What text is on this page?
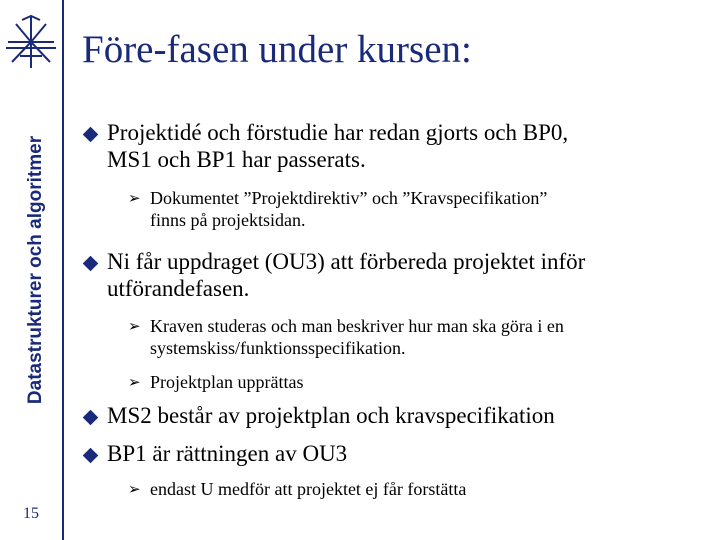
Datastrukturer och algoritmer
15
Före-fasen under kursen:
Projektidé och förstudie har redan gjorts och BP0,
MS1 och BP1 har passerats.
➢ Dokumentet ”Projektdirektiv” och ”Kravspecifikation”
finns på projektsidan.
Ni får uppdraget (OU3) att förbereda projektet inför
utförandefasen.
➢ Kraven studeras och man beskriver hur man ska göra i en
systemskiss/funktionsspecifikation.
➢ Projektplan upprättas
MS2 består av projektplan och kravspecifikation
BP1 är rättningen av OU3
➢ endast U medför att projektet ej får forstätta
